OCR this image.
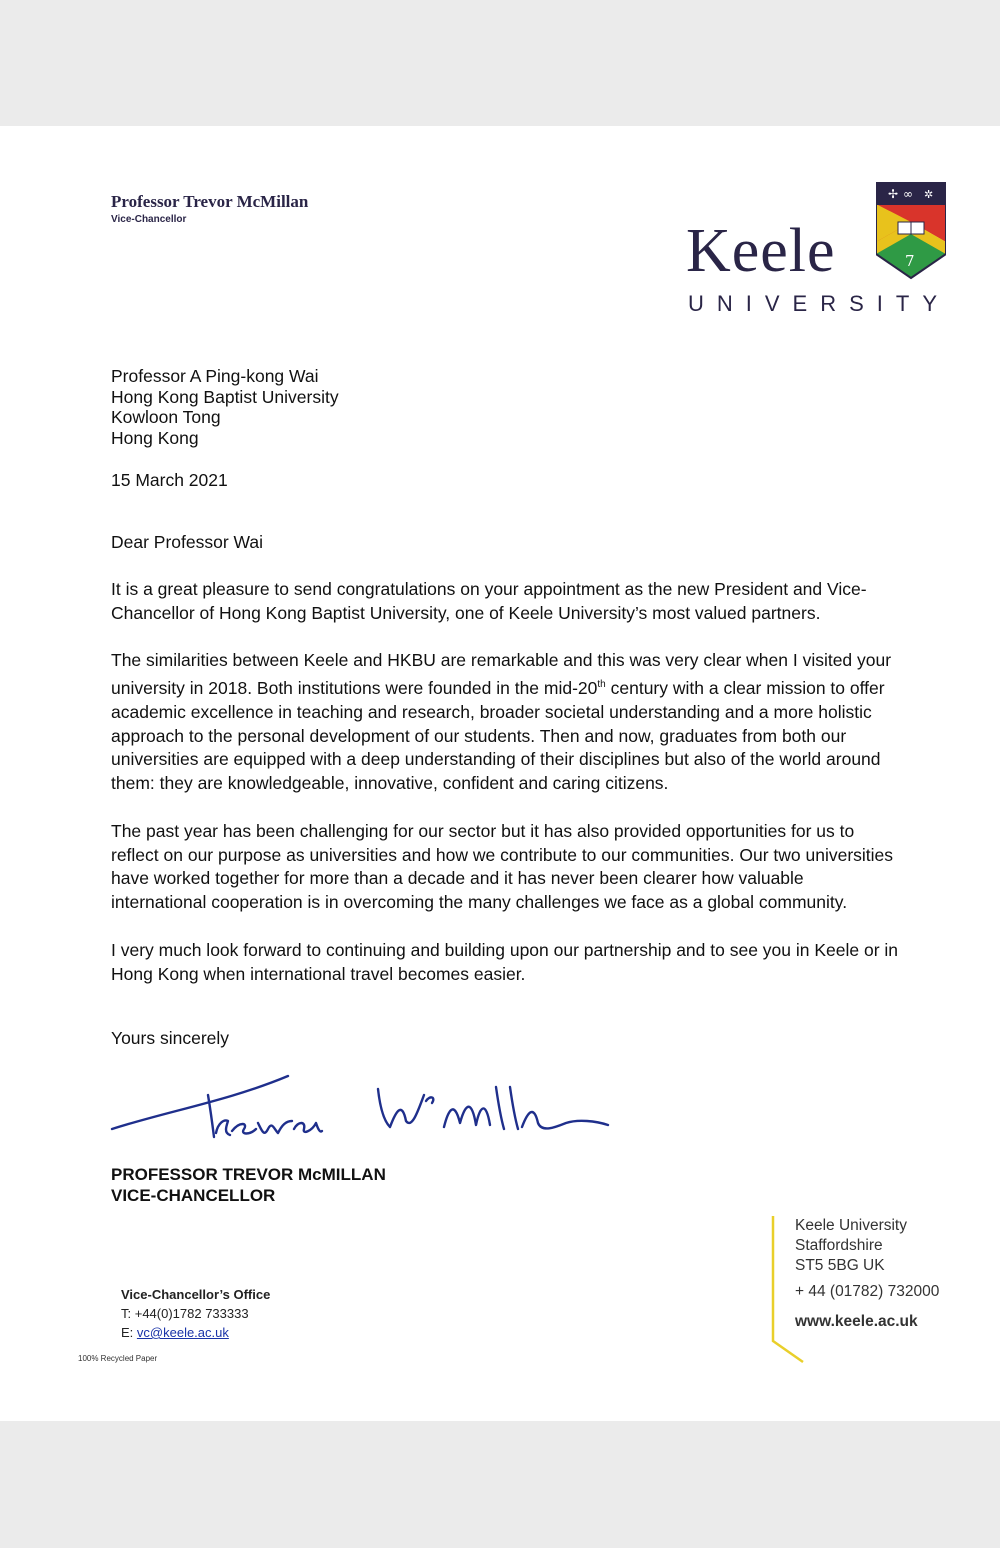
Professor Trevor McMillan
Vice-Chancellor
✢ ∞ ✲
7
Keele
UNIVERSITY
Professor A Ping-kong Wai
Hong Kong Baptist University
Kowloon Tong
Hong Kong
15 March 2021
Dear Professor Wai

It is a great pleasure to send congratulations on your appointment as the new President and Vice-Chancellor of Hong Kong Baptist University, one of Keele University’s most valued partners.

The similarities between Keele and HKBU are remarkable and this was very clear when I visited your university in 2018. Both institutions were founded in the mid-20th century with a clear mission to offer academic excellence in teaching and research, broader societal understanding and a more holistic approach to the personal development of our students. Then and now, graduates from both our universities are equipped with a deep understanding of their disciplines but also of the world around them: they are knowledgeable, innovative, confident and caring citizens.

The past year has been challenging for our sector but it has also provided opportunities for us to reflect on our purpose as universities and how we contribute to our communities. Our two universities have worked together for more than a decade and it has never been clearer how valuable international cooperation is in overcoming the many challenges we face as a global community.

I very much look forward to continuing and building upon our partnership and to see you in Keele or in Hong Kong when international travel becomes easier.

Yours sincerely
Trevor McMillan
PROFESSOR TREVOR McMILLAN
VICE-CHANCELLOR
Vice-Chancellor’s Office
T: +44(0)1782 733333
E: vc@keele.ac.uk
100% Recycled Paper
Keele University
Staffordshire
ST5 5BG UK
+ 44 (01782) 732000
www.keele.ac.uk
